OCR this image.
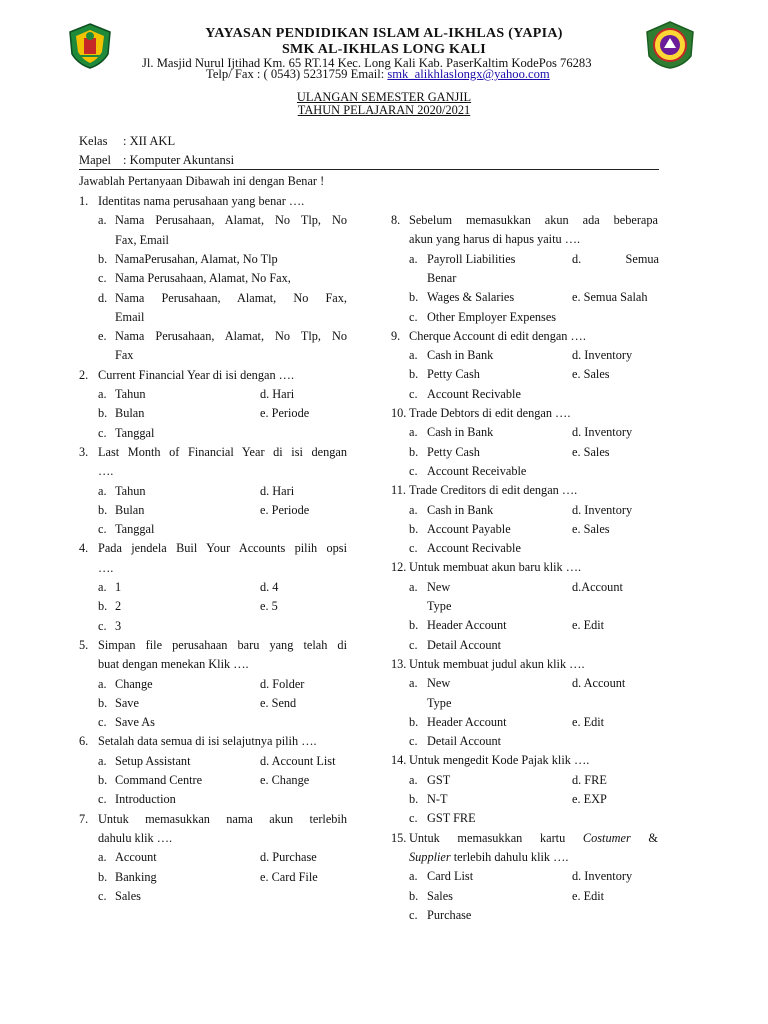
YAYASAN PENDIDIKAN ISLAM AL-IKHLAS (YAPIA)
SMK AL-IKHLAS LONG KALI
Jl. Masjid Nurul Ijtihad Km. 65 RT.14 Kec. Long Kali Kab. PaserKaltim KodePos 76283
Telp/ Fax : ( 0543) 5231759 Email: smk_alikhlaslongx@yahoo.com
ULANGAN SEMESTER GANJIL
TAHUN PELAJARAN 2020/2021
Kelas : XII AKL
Mapel : Komputer Akuntansi
Jawablah Pertanyaan Dibawah ini dengan Benar !
1. Identitas nama perusahaan yang benar ….
a. Nama Perusahaan, Alamat, No Tlp, No
Fax, Email
b. NamaPerusahan, Alamat, No Tlp
c. Nama Perusahaan, Alamat, No Fax,
d. Nama Perusahaan, Alamat, No Fax,
Email
e. Nama Perusahaan, Alamat, No Tlp, No
Fax
2. Current Financial Year di isi dengan ….
a. Tahun	d. Hari
b. Bulan	e. Periode
c. Tanggal
3. Last Month of Financial Year di isi dengan
….
a. Tahun	d. Hari
b. Bulan	e. Periode
c. Tanggal
4. Pada jendela Buil Your Accounts pilih opsi
….
a. 1	d. 4
b. 2	e. 5
c. 3
5. Simpan file perusahaan baru yang telah di
buat dengan menekan Klik ….
a. Change	d. Folder
b. Save	e. Send
c. Save As
6. Setalah data semua di isi selajutnya pilih ….
a. Setup Assistant	d. Account List
b. Command Centre	e. Change
c. Introduction
7. Untuk memasukkan nama akun terlebih
dahulu klik ….
a. Account	d. Purchase
b. Banking	e. Card File
c. Sales
8. Sebelum memasukkan akun ada beberapa
akun yang harus di hapus yaitu ….
a. Payroll Liabilities	d. Semua
Benar
b. Wages & Salaries	e. Semua Salah
c. Other Employer Expenses
9. Cherque Account di edit dengan ….
a. Cash in Bank	d. Inventory
b. Petty Cash	e. Sales
c. Account Recivable
10. Trade Debtors di edit dengan ….
a. Cash in Bank	d. Inventory
b. Petty Cash	e. Sales
c. Account Receivable
11. Trade Creditors di edit dengan ….
a. Cash in Bank	d. Inventory
b. Account Payable	e. Sales
c. Account Recivable
12. Untuk membuat akun baru klik ….
a. New	d.Account
Type
b. Header Account	e. Edit
c. Detail Account
13. Untuk membuat judul akun klik ….
a. New	d. Account
Type
b. Header Account	e. Edit
c. Detail Account
14. Untuk mengedit Kode Pajak klik ….
a. GST	d. FRE
b. N-T	e. EXP
c. GST FRE
15. Untuk memasukkan kartu Costumer &
Supplier terlebih dahulu klik ….
a. Card List	d. Inventory
b. Sales	e. Edit
c. Purchase
